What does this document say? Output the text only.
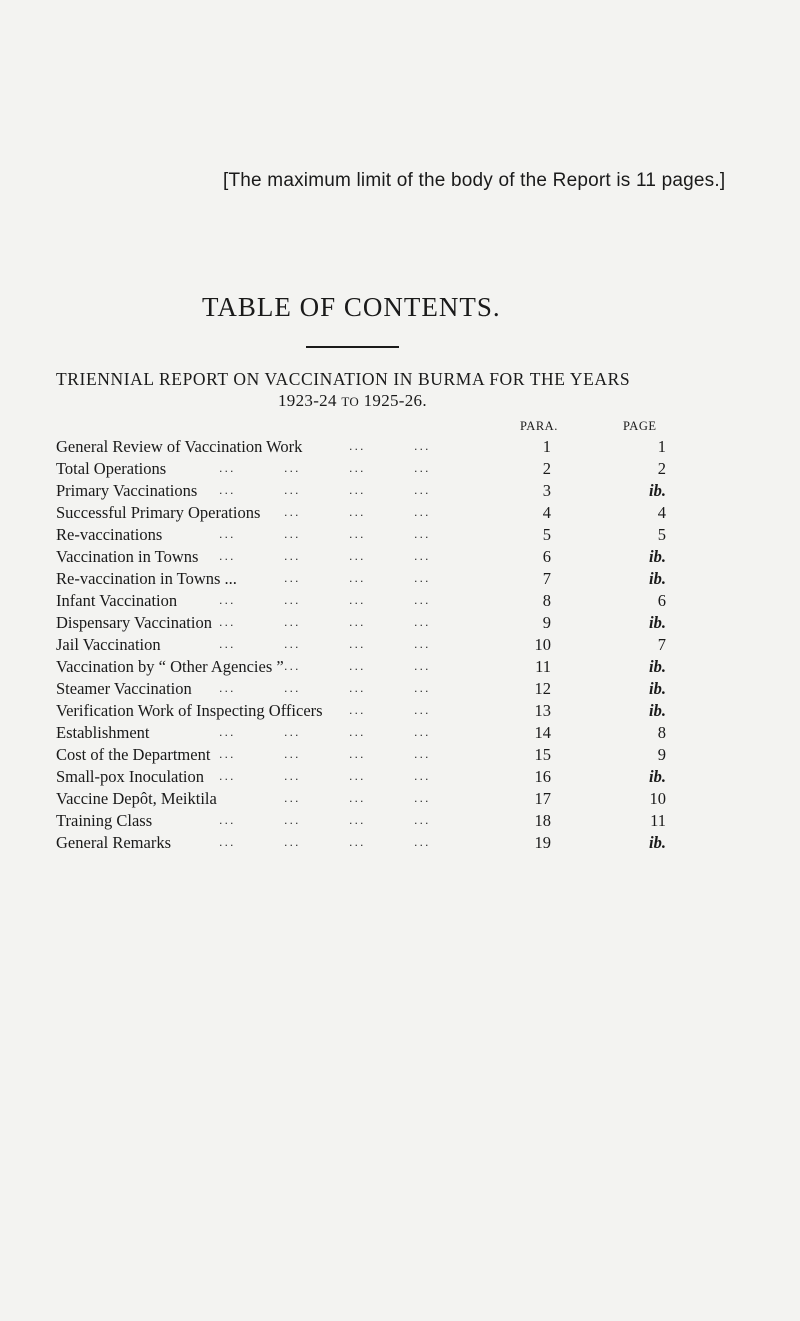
[The maximum limit of the body of the Report is 11 pages.]
TABLE OF CONTENTS.
TRIENNIAL REPORT ON VACCINATION IN BURMA FOR THE YEARS
1923-24 TO 1925-26.
PARA.	PAGE
General Review of Vaccination Work	...	...	1	1
Total Operations	...	...	...	...	2	2
Primary Vaccinations ...	...	...	...	3	ib.
Successful Primary Operations ...	...	...	4	4
Re-vaccinations	...	...	...	...	5	5
Vaccination in Towns ...	...	...	...	6	ib.
Re-vaccination in Towns ...	...	...	...	7	ib.
Infant Vaccination	...	...	...	...	8	6
Dispensary Vaccination ...	...	...	...	9	ib.
Jail Vaccination	...	...	...	...	10	7
Vaccination by “ Other Agencies ” ...	...	...	11	ib.
Steamer Vaccination ...	...	...	...	12	ib.
Verification Work of Inspecting Officers ...	...	13	ib.
Establishment	...	...	...	...	14	8
Cost of the Department ...	...	...	...	15	9
Small-pox Inoculation ...	...	...	...	16	ib.
Vaccine Depôt, Meiktila	...	...	...	17	10
Training Class	...	...	...	...	18	11
General Remarks	...	...	...	...	19	ib.
